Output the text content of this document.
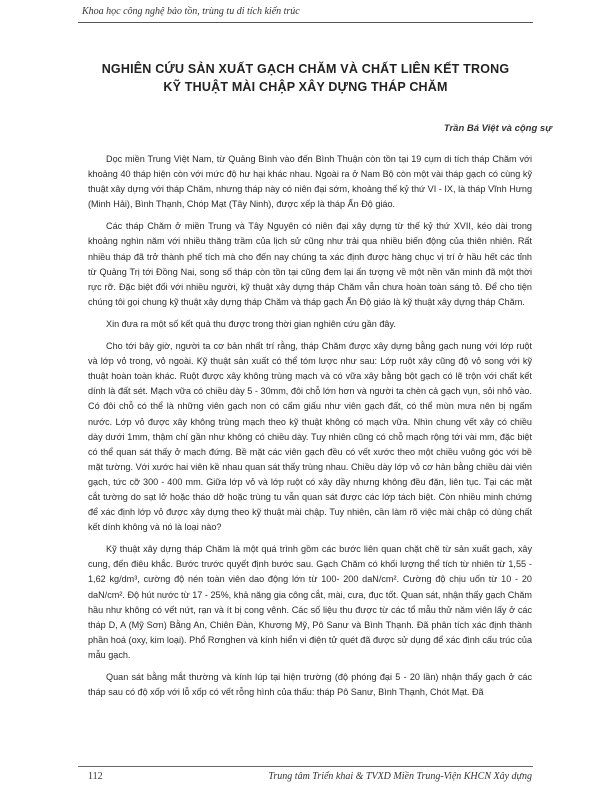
Khoa học công nghệ bảo tồn, trùng tu di tích kiến trúc
NGHIÊN CỨU SẢN XUẤT GẠCH CHĂM VÀ CHẤT LIÊN KẾT TRONG
KỸ THUẬT MÀI CHẬP XÂY DỰNG THÁP CHĂM
Trần Bá Việt và cộng sự

Dọc miền Trung Việt Nam, từ Quảng Bình vào đến Bình Thuận còn tồn tại 19 cụm di tích tháp Chăm với khoảng 40 tháp hiện còn với mức độ hư hại khác nhau. Ngoài ra ở Nam Bộ còn một vài tháp gạch có cùng kỹ thuật xây dựng với tháp Chăm, nhưng tháp này có niên đại sớm, khoảng thế kỷ thứ VI - IX, là tháp Vĩnh Hưng (Minh Hải), Bình Thạnh, Chóp Mạt (Tây Ninh), được xếp là tháp Ấn Độ giáo.

Các tháp Chăm ở miền Trung và Tây Nguyên có niên đại xây dựng từ thế kỷ thứ XVII, kéo dài trong khoảng nghìn năm với nhiều thăng trầm của lịch sử cũng như trải qua nhiều biến động của thiên nhiên. Rất nhiều tháp đã trở thành phế tích mà cho đến nay chúng ta xác định được hàng chục vị trí ở hầu hết các tỉnh từ Quảng Trị tới Đồng Nai, song số tháp còn tồn tại cũng đem lại ấn tượng về một nền văn minh đã một thời rực rỡ. Đặc biệt đối với nhiều người, kỹ thuật xây dựng tháp Chăm vẫn chưa hoàn toàn sáng tỏ. Để cho tiện chúng tôi gọi chung kỹ thuật xây dựng tháp Chăm và tháp gạch Ấn Độ giáo là kỹ thuật xây dựng tháp Chăm.

Xin đưa ra một số kết quả thu được trong thời gian nghiên cứu gần đây.

Cho tới bây giờ, người ta cơ bản nhất trí rằng, tháp Chăm được xây dựng bằng gạch nung với lớp ruột và lớp vỏ trong, vỏ ngoài. Kỹ thuật sản xuất có thể tóm lược như sau: Lớp ruột xây cũng độ vỏ song với kỹ thuật hoàn toàn khác. Ruột được xây không trùng mạch và có vữa xây bằng bột gạch có lẽ trộn với chất kết dính là đất sét. Mạch vữa có chiều dày 5 - 30mm, đôi chỗ lớn hơn và người ta chèn cả gạch vụn, sỏi nhỏ vào. Có đôi chỗ có thể là những viên gạch non có cấm giấu như viên gạch đất, có thể mùn mưa nên bị ngấm nước. Lớp vỏ được xây không trùng mạch theo kỹ thuật không có mạch vữa. Nhìn chung vết xây có chiều dày dưới 1mm, thậm chí gần như không có chiều dày. Tuy nhiên cũng có chỗ mạch rộng tới vài mm, đặc biệt có thể quan sát thấy ở mạch đứng. Bề mặt các viên gạch đều có vết xước theo một chiều vuông góc với bề mặt tường. Với xước hai viên kề nhau quan sát thấy trùng nhau. Chiều dày lớp vỏ cơ hản bằng chiều dài viên gạch, tức cỡ 300 - 400 mm. Giữa lớp vỏ và lớp ruột có xây dầy nhưng không đều đặn, liên tục. Tại các mặt cắt tường do sạt lở hoặc tháo dỡ hoặc trùng tu vẫn quan sát được các lớp tách biệt. Còn nhiều minh chứng để xác định lớp vỏ được xây dựng theo kỹ thuật mài chập. Tuy nhiên, cần làm rõ việc mài chập có dùng chất kết dính không và nó là loại nào?

Kỹ thuật xây dựng tháp Chăm là một quá trình gồm các bước liên quan chặt chẽ từ sản xuất gạch, xây cung, đến điêu khắc. Bước trước quyết định bước sau. Gạch Chăm có khối lượng thể tích từ nhiên từ 1,55 - 1,62 kg/dm³, cường độ nén toàn viên dao động lớn từ 100- 200 daN/cm². Cường độ chịu uốn từ 10 - 20 daN/cm². Độ hút nước từ 17 - 25%, khả năng gia công cắt, mài, cưa, đục tốt. Quan sát, nhận thấy gạch Chăm hầu như không có vết nứt, rạn và ít bị cong vênh. Các số liệu thu được từ các tổ mẫu thử năm viên lấy ở các tháp D, A (Mỹ Sơn) Bằng An, Chiên Đàn, Khương Mỹ, Pô Sanư và Bình Thạnh. Đã phân tích xác định thành phần hoá (oxy, kim loại). Phổ Rơnghen và kính hiển vi điện tử quét đã được sử dụng để xác định cấu trúc của mẫu gạch.

Quan sát bằng mắt thường và kính lúp tại hiện trường (độ phóng đại 5 - 20 lần) nhận thấy gạch ở các tháp sau có độ xốp với lỗ xốp có vết rỗng hình của thấu: tháp Pô Sanư, Bình Thạnh, Chót Mạt. Đã

112	Trung tâm Triển khai & TVXD Miền Trung-Viện KHCN Xây dựng
